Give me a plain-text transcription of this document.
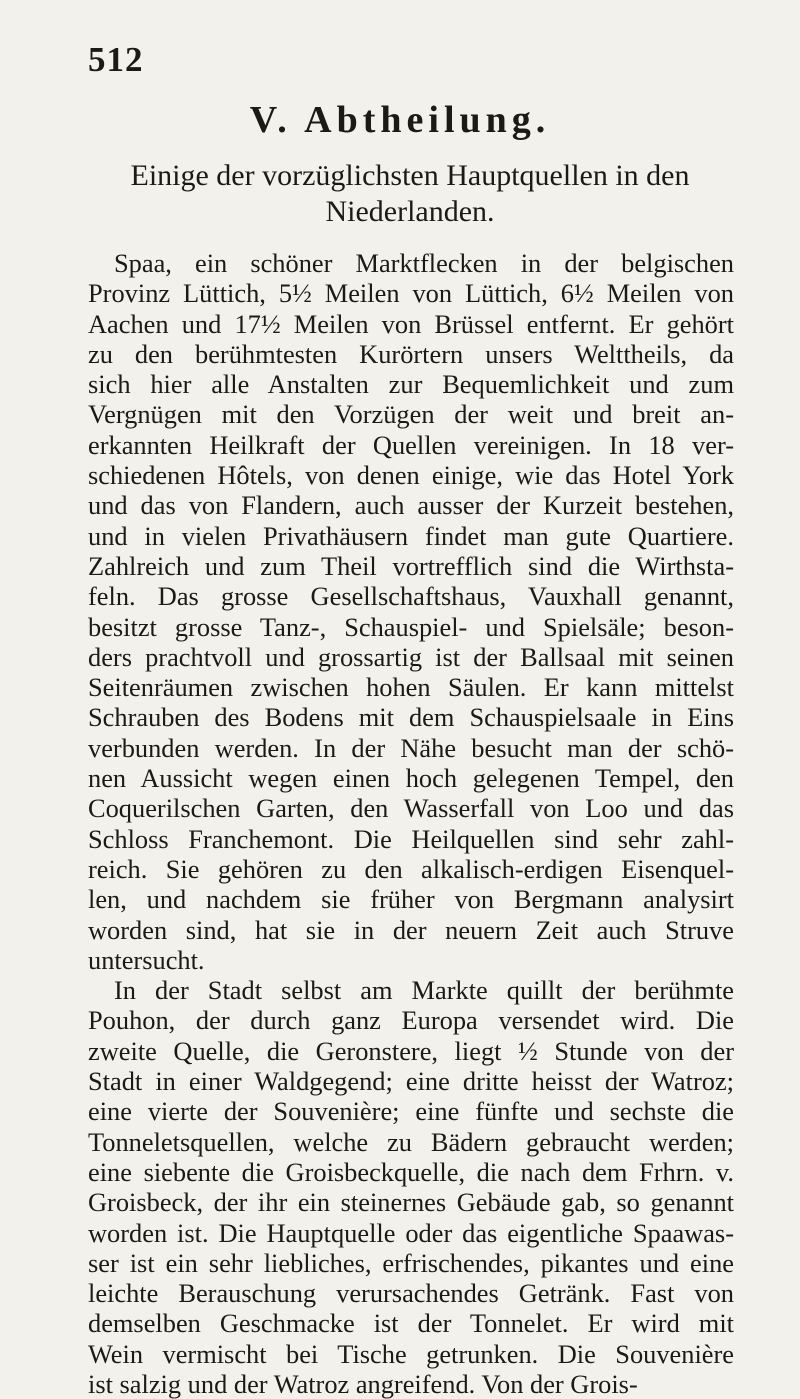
512
V. Abtheilung.
Einige der vorzüglichsten Hauptquellen in den
Niederlanden.
Spaa, ein schöner Marktflecken in der belgischen
Provinz Lüttich, 5½ Meilen von Lüttich, 6½ Meilen von
Aachen und 17½ Meilen von Brüssel entfernt. Er gehört
zu den berühmtesten Kurörtern unsers Welttheils, da
sich hier alle Anstalten zur Bequemlichkeit und zum
Vergnügen mit den Vorzügen der weit und breit an-
erkannten Heilkraft der Quellen vereinigen. In 18 ver-
schiedenen Hôtels, von denen einige, wie das Hotel York
und das von Flandern, auch ausser der Kurzeit bestehen,
und in vielen Privathäusern findet man gute Quartiere.
Zahlreich und zum Theil vortrefflich sind die Wirthsta-
feln. Das grosse Gesellschaftshaus, Vauxhall genannt,
besitzt grosse Tanz-, Schauspiel- und Spielsäle; beson-
ders prachtvoll und grossartig ist der Ballsaal mit seinen
Seitenräumen zwischen hohen Säulen. Er kann mittelst
Schrauben des Bodens mit dem Schauspielsaale in Eins
verbunden werden. In der Nähe besucht man der schö-
nen Aussicht wegen einen hoch gelegenen Tempel, den
Coquerilschen Garten, den Wasserfall von Loo und das
Schloss Franchemont. Die Heilquellen sind sehr zahl-
reich. Sie gehören zu den alkalisch-erdigen Eisenquel-
len, und nachdem sie früher von Bergmann analysirt
worden sind, hat sie in der neuern Zeit auch Struve
untersucht.
In der Stadt selbst am Markte quillt der berühmte
Pouhon, der durch ganz Europa versendet wird. Die
zweite Quelle, die Geronstere, liegt ½ Stunde von der
Stadt in einer Waldgegend; eine dritte heisst der Watroz;
eine vierte der Souvenière; eine fünfte und sechste die
Tonneletsquellen, welche zu Bädern gebraucht werden;
eine siebente die Groisbeckquelle, die nach dem Frhrn. v.
Groisbeck, der ihr ein steinernes Gebäude gab, so genannt
worden ist. Die Hauptquelle oder das eigentliche Spaawas-
ser ist ein sehr liebliches, erfrischendes, pikantes und eine
leichte Berauschung verursachendes Getränk. Fast von
demselben Geschmacke ist der Tonnelet. Er wird mit
Wein vermischt bei Tische getrunken. Die Souvenière
ist salzig und der Watroz angreifend. Von der Grois-
